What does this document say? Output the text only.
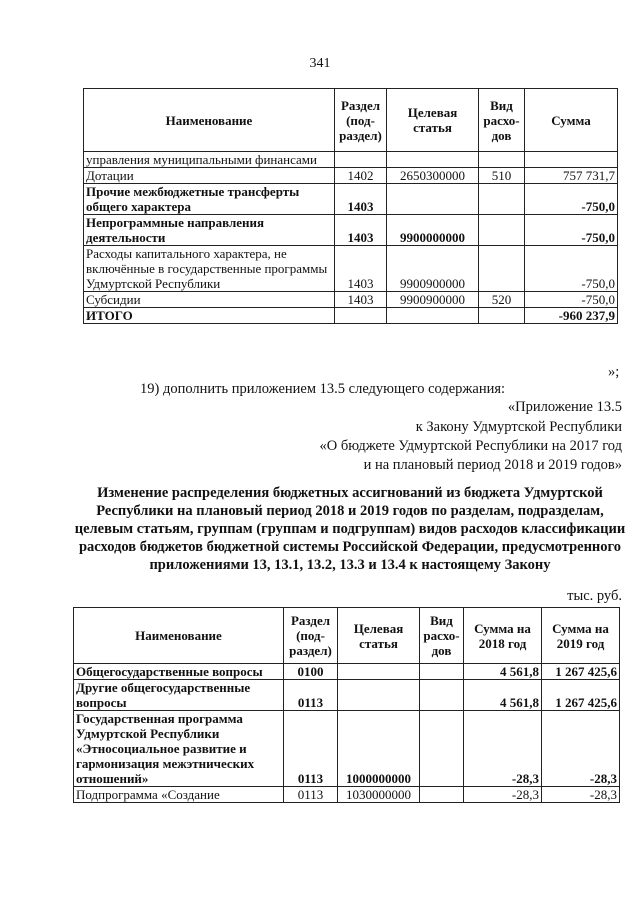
341
Наименование	Раздел (под-раздел)	Целевая статья	Вид расхо-дов	Сумма
управления муниципальными финансами				
Дотации	1402	2650300000	510	757 731,7
Прочие межбюджетные трансферты общего характера	1403			-750,0
Непрограммные направления деятельности	1403	9900000000		-750,0
Расходы капитального характера, не включённые в государственные программы Удмуртской Республики	1403	9900900000		-750,0
Субсидии	1403	9900900000	520	-750,0
ИТОГО				-960 237,9
»;
19) дополнить приложением 13.5 следующего содержания:
«Приложение 13.5
к Закону Удмуртской Республики
«О бюджете Удмуртской Республики на 2017 год
и на плановый период 2018 и 2019 годов»
Изменение распределения бюджетных ассигнований из бюджета Удмуртской Республики на плановый период 2018 и 2019 годов по разделам, подразделам, целевым статьям, группам (группам и подгруппам) видов расходов классификации расходов бюджетов бюджетной системы Российской Федерации, предусмотренного приложениями 13, 13.1, 13.2, 13.3 и 13.4 к настоящему Закону
тыс. руб.
Наименование	Раздел (под-раздел)	Целевая статья	Вид расхо-дов	Сумма на 2018 год	Сумма на 2019 год
Общегосударственные вопросы	0100			4 561,8	1 267 425,6
Другие общегосударственные вопросы	0113			4 561,8	1 267 425,6
Государственная программа Удмуртской Республики «Этносоциальное развитие и гармонизация межэтнических отношений»	0113	1000000000		-28,3	-28,3
Подпрограмма «Создание	0113	1030000000		-28,3	-28,3
